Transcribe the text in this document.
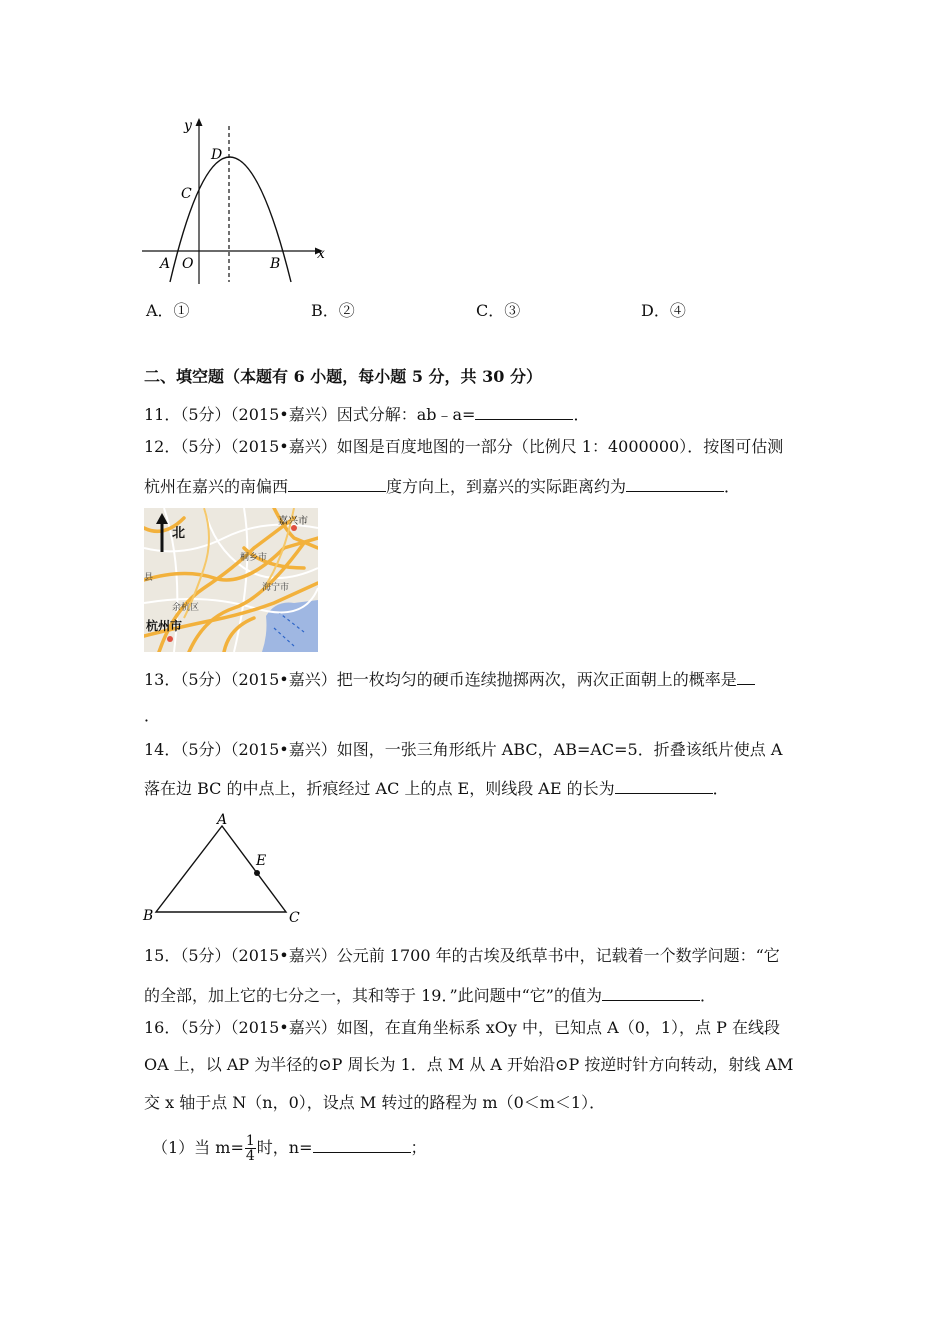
y
x
D
C
A O	B
A．①	B．②	C．③	D．④
二、填空题（本题有 6 小题，每小题 5 分，共 30 分）
11．（5分）（2015•嘉兴）因式分解：ab﹣a=	．
12．（5分）（2015•嘉兴）如图是百度地图的一部分（比例尺 1：4000000）．按图可估测
杭州在嘉兴的南偏西	度方向上，到嘉兴的实际距离约为	．
北
嘉兴市
桐乡市
海宁市
余杭区
杭州市
县
13．（5分）（2015•嘉兴）把一枚均匀的硬币连续抛掷两次，两次正面朝上的概率是
．
14．（5分）（2015•嘉兴）如图，一张三角形纸片 ABC，AB=AC=5．折叠该纸片使点 A
落在边 BC 的中点上，折痕经过 AC 上的点 E，则线段 AE 的长为	．
A
B	C
E
15．（5分）（2015•嘉兴）公元前 1700 年的古埃及纸草书中，记载着一个数学问题：“它
的全部，加上它的七分之一，其和等于 19．”此问题中“它”的值为	．
16．（5分）（2015•嘉兴）如图，在直角坐标系 xOy 中，已知点 A（0，1），点 P 在线段
OA 上，以 AP 为半径的⊙P 周长为 1．点 M 从 A 开始沿⊙P 按逆时针方向转动，射线 AM
交 x 轴于点 N（n，0），设点 M 转过的路程为 m（0＜m＜1）．
（1）当 $m= \frac{1}{4}$ 时，n=	；
